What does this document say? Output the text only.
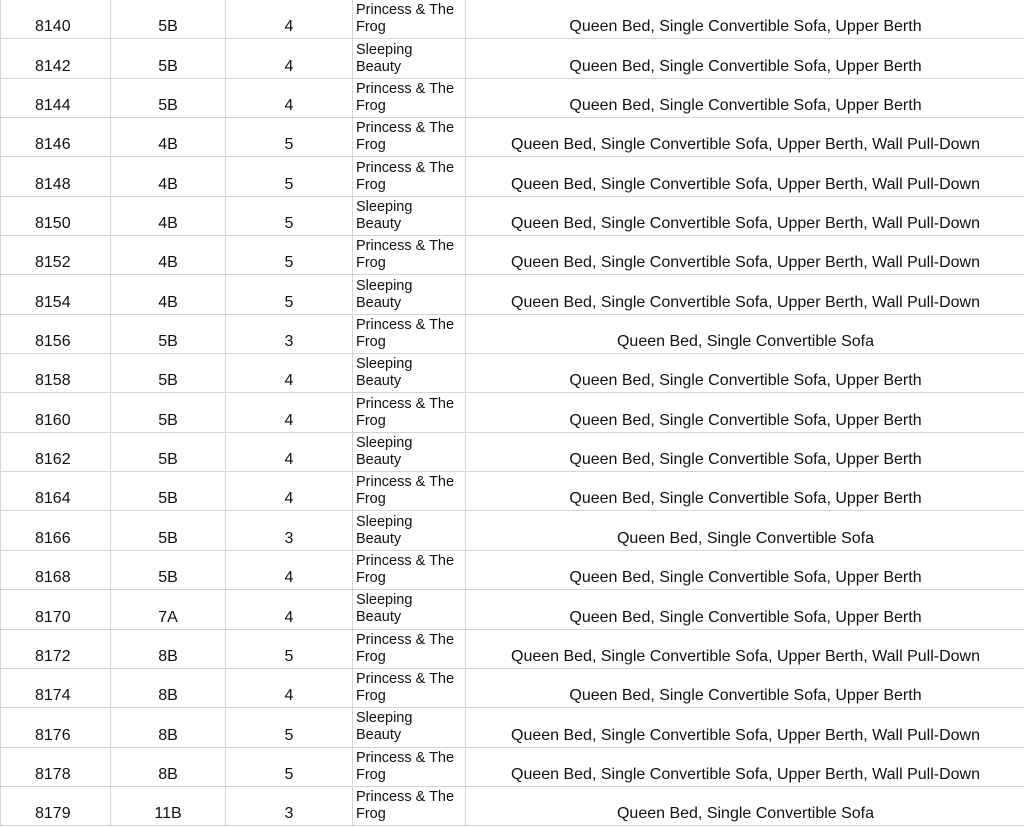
8140	5B	4	Princess & The Frog	Queen Bed, Single Convertible Sofa, Upper Berth

8142	5B	4	Sleeping Beauty	Queen Bed, Single Convertible Sofa, Upper Berth

8144	5B	4	Princess & The Frog	Queen Bed, Single Convertible Sofa, Upper Berth

8146	4B	5	Princess & The Frog	Queen Bed, Single Convertible Sofa, Upper Berth, Wall Pull-Down

8148	4B	5	Princess & The Frog	Queen Bed, Single Convertible Sofa, Upper Berth, Wall Pull-Down

8150	4B	5	Sleeping Beauty	Queen Bed, Single Convertible Sofa, Upper Berth, Wall Pull-Down

8152	4B	5	Princess & The Frog	Queen Bed, Single Convertible Sofa, Upper Berth, Wall Pull-Down

8154	4B	5	Sleeping Beauty	Queen Bed, Single Convertible Sofa, Upper Berth, Wall Pull-Down

8156	5B	3	Princess & The Frog	Queen Bed, Single Convertible Sofa

8158	5B	4	Sleeping Beauty	Queen Bed, Single Convertible Sofa, Upper Berth

8160	5B	4	Princess & The Frog	Queen Bed, Single Convertible Sofa, Upper Berth

8162	5B	4	Sleeping Beauty	Queen Bed, Single Convertible Sofa, Upper Berth

8164	5B	4	Princess & The Frog	Queen Bed, Single Convertible Sofa, Upper Berth

8166	5B	3	Sleeping Beauty	Queen Bed, Single Convertible Sofa

8168	5B	4	Princess & The Frog	Queen Bed, Single Convertible Sofa, Upper Berth

8170	7A	4	Sleeping Beauty	Queen Bed, Single Convertible Sofa, Upper Berth

8172	8B	5	Princess & The Frog	Queen Bed, Single Convertible Sofa, Upper Berth, Wall Pull-Down

8174	8B	4	Princess & The Frog	Queen Bed, Single Convertible Sofa, Upper Berth

8176	8B	5	Sleeping Beauty	Queen Bed, Single Convertible Sofa, Upper Berth, Wall Pull-Down

8178	8B	5	Princess & The Frog	Queen Bed, Single Convertible Sofa, Upper Berth, Wall Pull-Down

8179	11B	3	Princess & The Frog	Queen Bed, Single Convertible Sofa
